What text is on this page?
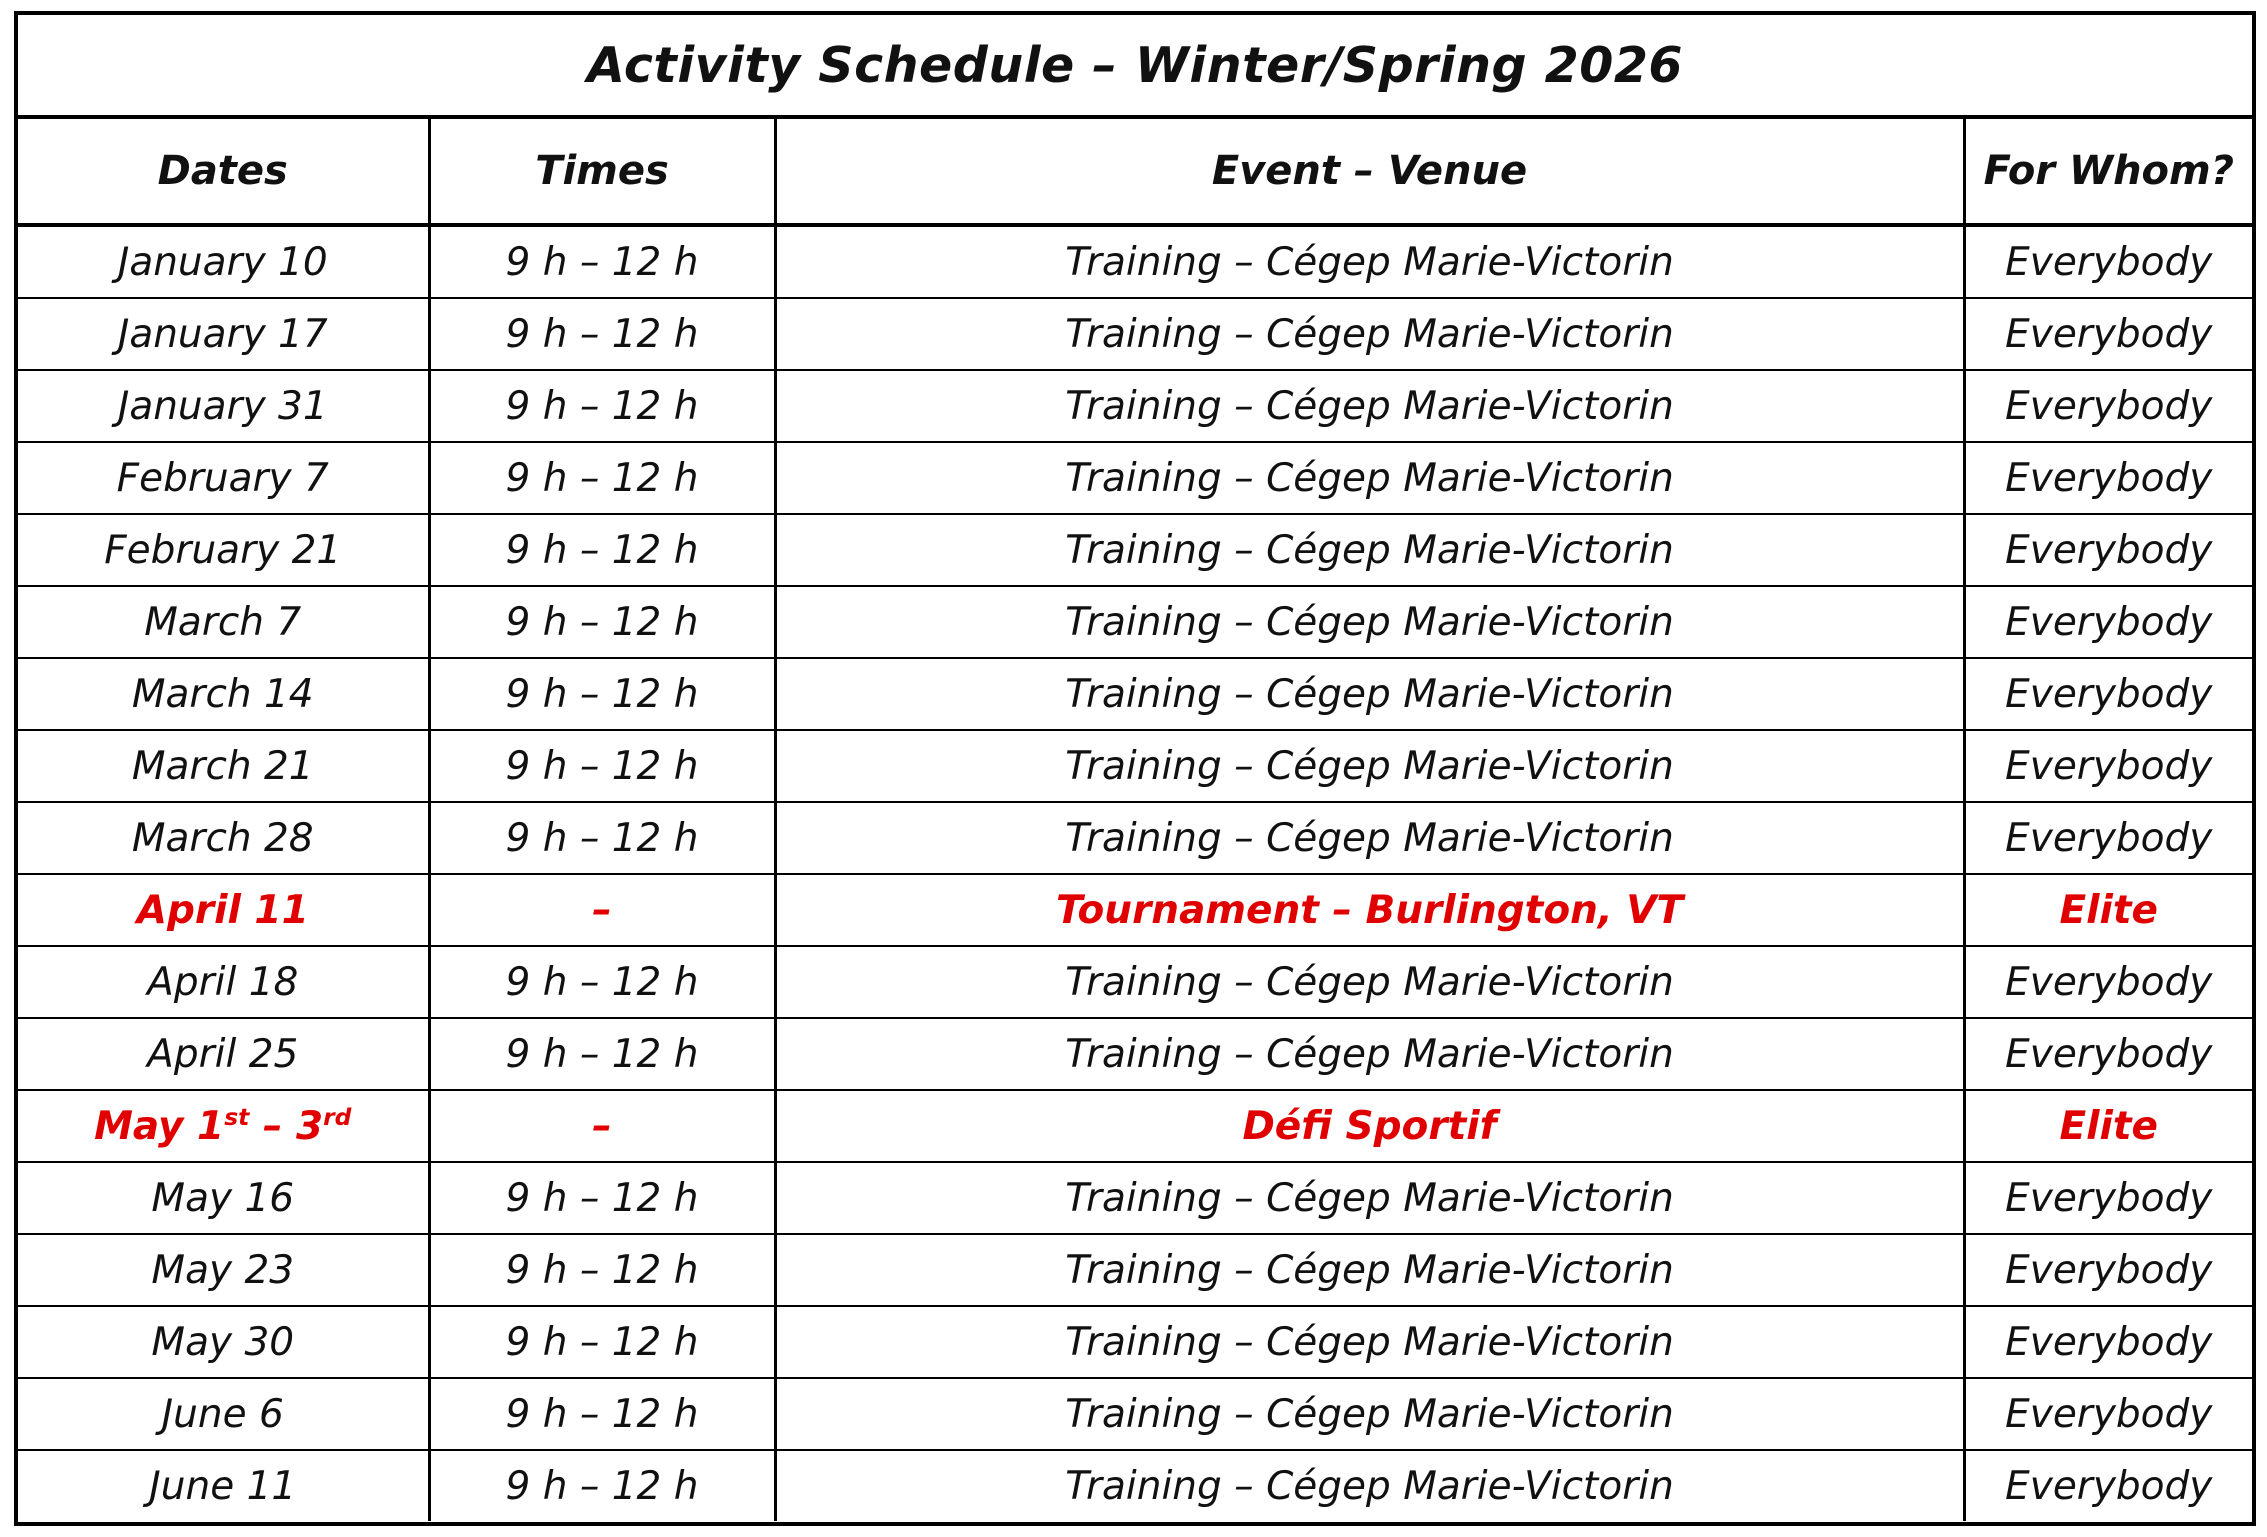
Activity Schedule – Winter/Spring 2026
Dates	Times	Event – Venue	For Whom?
January 10	9 h – 12 h	Training – Cégep Marie-Victorin	Everybody
January 17	9 h – 12 h	Training – Cégep Marie-Victorin	Everybody
January 31	9 h – 12 h	Training – Cégep Marie-Victorin	Everybody
February 7	9 h – 12 h	Training – Cégep Marie-Victorin	Everybody
February 21	9 h – 12 h	Training – Cégep Marie-Victorin	Everybody
March 7	9 h – 12 h	Training – Cégep Marie-Victorin	Everybody
March 14	9 h – 12 h	Training – Cégep Marie-Victorin	Everybody
March 21	9 h – 12 h	Training – Cégep Marie-Victorin	Everybody
March 28	9 h – 12 h	Training – Cégep Marie-Victorin	Everybody
April 11	–	Tournament – Burlington, VT	Elite
April 18	9 h – 12 h	Training – Cégep Marie-Victorin	Everybody
April 25	9 h – 12 h	Training – Cégep Marie-Victorin	Everybody
May 1st – 3rd	–	Défi Sportif	Elite
May 16	9 h – 12 h	Training – Cégep Marie-Victorin	Everybody
May 23	9 h – 12 h	Training – Cégep Marie-Victorin	Everybody
May 30	9 h – 12 h	Training – Cégep Marie-Victorin	Everybody
June 6	9 h – 12 h	Training – Cégep Marie-Victorin	Everybody
June 11	9 h – 12 h	Training – Cégep Marie-Victorin	Everybody
